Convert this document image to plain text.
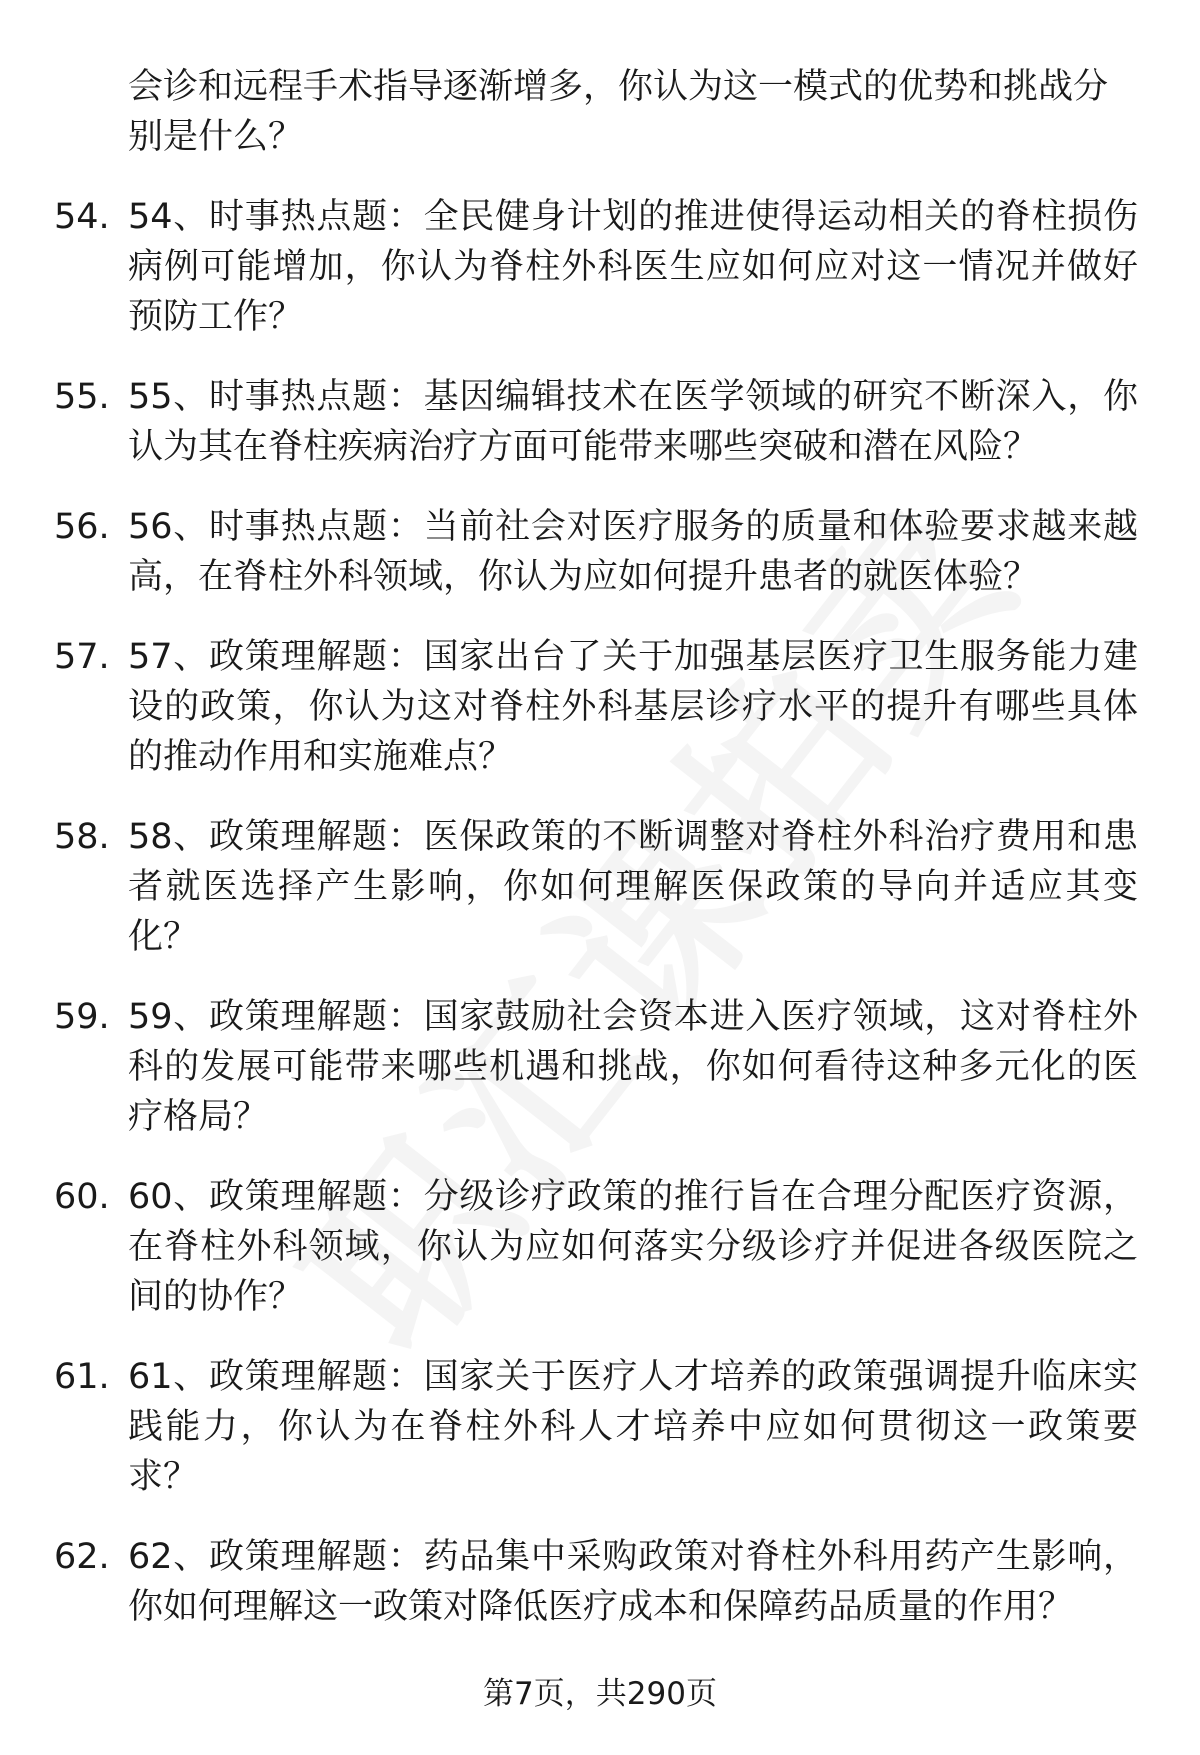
会诊和远程手术指导逐渐增多，你认为这一模式的优势和挑战分别是什么？
54. 54、时事热点题：全民健身计划的推进使得运动相关的脊柱损伤病例可能增加，你认为脊柱外科医生应如何应对这一情况并做好预防工作？
55. 55、时事热点题：基因编辑技术在医学领域的研究不断深入，你认为其在脊柱疾病治疗方面可能带来哪些突破和潜在风险？
56. 56、时事热点题：当前社会对医疗服务的质量和体验要求越来越高，在脊柱外科领域，你认为应如何提升患者的就医体验？
57. 57、政策理解题：国家出台了关于加强基层医疗卫生服务能力建设的政策，你认为这对脊柱外科基层诊疗水平的提升有哪些具体的推动作用和实施难点？
58. 58、政策理解题：医保政策的不断调整对脊柱外科治疗费用和患者就医选择产生影响，你如何理解医保政策的导向并适应其变化？
59. 59、政策理解题：国家鼓励社会资本进入医疗领域，这对脊柱外科的发展可能带来哪些机遇和挑战，你如何看待这种多元化的医疗格局？
60. 60、政策理解题：分级诊疗政策的推行旨在合理分配医疗资源，在脊柱外科领域，你认为应如何落实分级诊疗并促进各级医院之间的协作？
61. 61、政策理解题：国家关于医疗人才培养的政策强调提升临床实践能力，你认为在脊柱外科人才培养中应如何贯彻这一政策要求？
62. 62、政策理解题：药品集中采购政策对脊柱外科用药产生影响，你如何理解这一政策对降低医疗成本和保障药品质量的作用？
第7页，共290页
